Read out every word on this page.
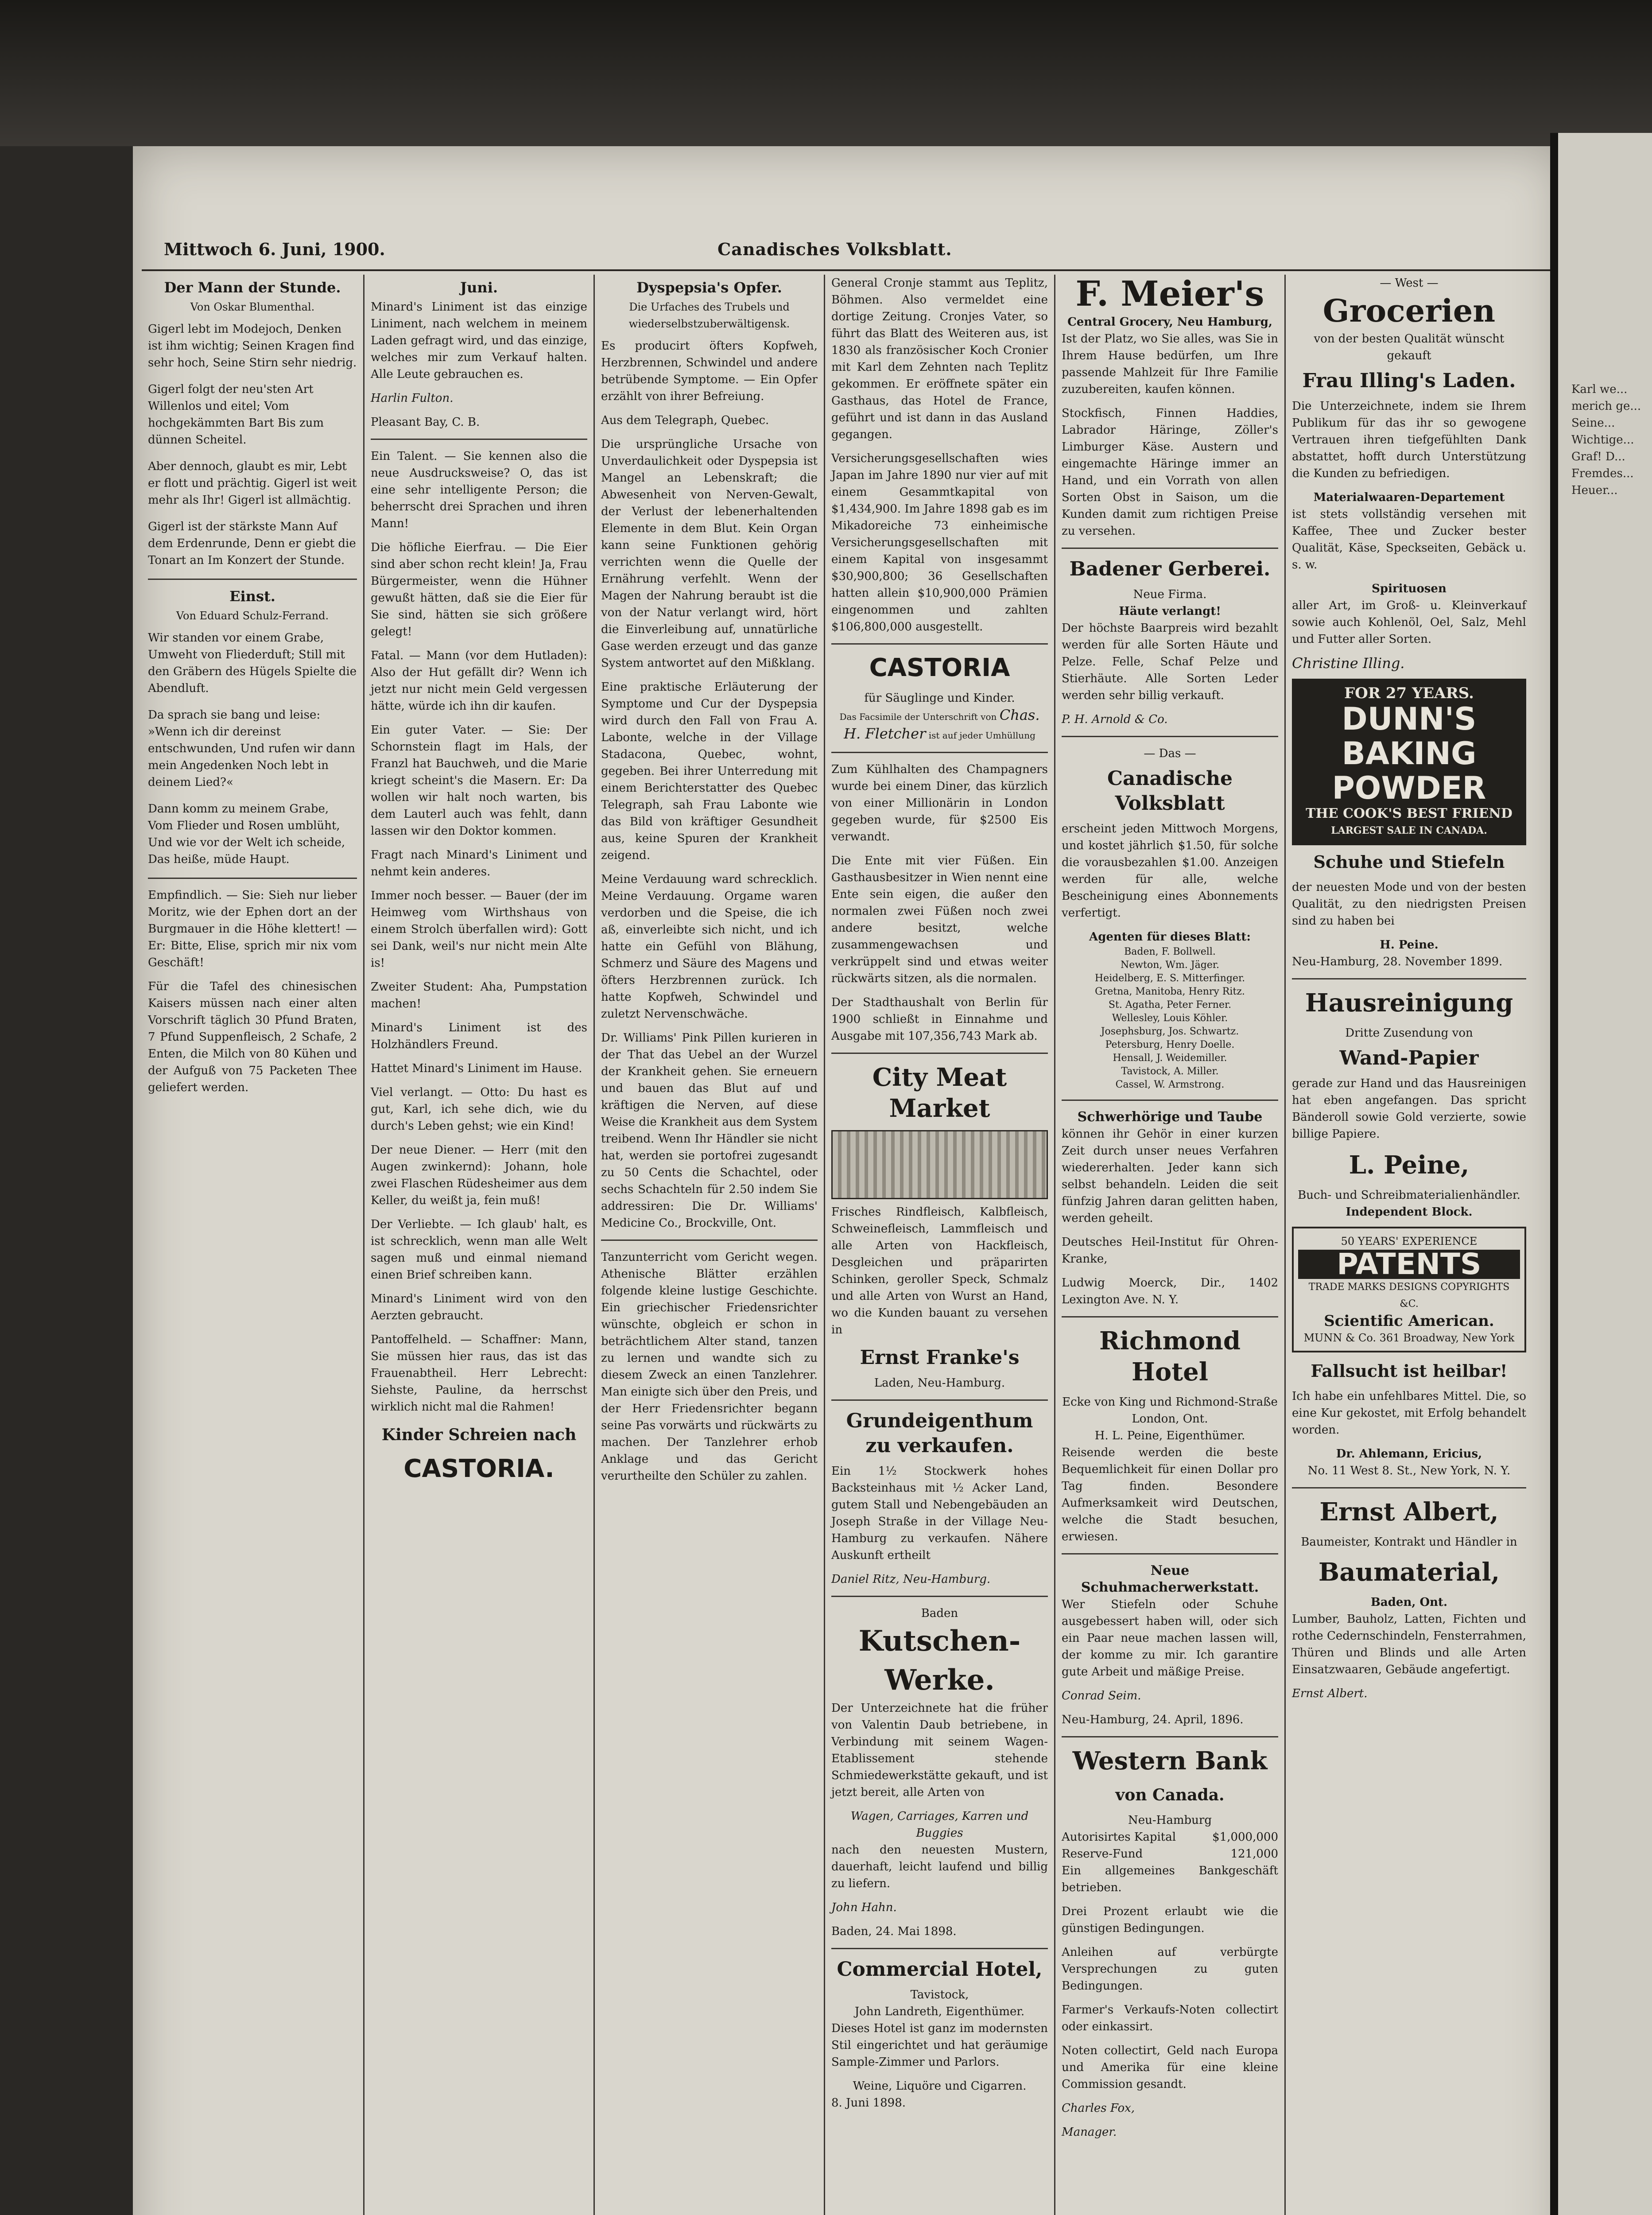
Mittwoch 6. Juni, 1900.	Canadisches Volksblatt.
Der Mann der Stunde.
Von Oskar Blumenthal.

Gigerl lebt im Modejoch, Denken ist ihm wichtig; Seinen Kragen find sehr hoch, Seine Stirn sehr niedrig.

Gigerl folgt der neu'sten Art Willenlos und eitel; Vom hochgekämmten Bart Bis zum dünnen Scheitel.

Aber dennoch, glaubt es mir, Lebt er flott und prächtig. Gigerl ist weit mehr als Ihr! Gigerl ist allmächtig.

Gigerl ist der stärkste Mann Auf dem Erdenrunde, Denn er giebt die Tonart an Im Konzert der Stunde.

Einst.
Von Eduard Schulz-Ferrand.

Wir standen vor einem Grabe, Umweht von Fliederduft; Still mit den Gräbern des Hügels Spielte die Abendluft.

Da sprach sie bang und leise: »Wenn ich dir dereinst entschwunden, Und rufen wir dann mein Angedenken Noch lebt in deinem Lied?«

Dann komm zu meinem Grabe, Vom Flieder und Rosen umblüht, Und wie vor der Welt ich scheide, Das heiße, müde Haupt.

Empfindlich. — Sie: Sieh nur lieber Moritz, wie der Ephen dort an der Burgmauer in die Höhe klettert! — Er: Bitte, Elise, sprich mir nix vom Geschäft!

Für die Tafel des chinesischen Kaisers müssen nach einer alten Vorschrift täglich 30 Pfund Braten, 7 Pfund Suppenfleisch, 2 Schafe, 2 Enten, die Milch von 80 Kühen und der Aufguß von 75 Packeten Thee geliefert werden.

Juni.

Minard's Liniment ist das einzige Liniment, nach welchem in meinem Laden gefragt wird, und das einzige, welches mir zum Verkauf halten. Alle Leute gebrauchen es.

Harlin Fulton.

Pleasant Bay, C. B.

Ein Talent. — Sie kennen also die neue Ausdrucksweise? O, das ist eine sehr intelligente Person; die beherrscht drei Sprachen und ihren Mann!

Die höfliche Eierfrau. — Die Eier sind aber schon recht klein! Ja, Frau Bürgermeister, wenn die Hühner gewußt hätten, daß sie die Eier für Sie sind, hätten sie sich größere gelegt!

Fatal. — Mann (vor dem Hutladen): Also der Hut gefällt dir? Wenn ich jetzt nur nicht mein Geld vergessen hätte, würde ich ihn dir kaufen.

Ein guter Vater. — Sie: Der Schornstein flagt im Hals, der Franzl hat Bauchweh, und die Marie kriegt scheint's die Masern. Er: Da wollen wir halt noch warten, bis dem Lauterl auch was fehlt, dann lassen wir den Doktor kommen.

Fragt nach Minard's Liniment und nehmt kein anderes.

Immer noch besser. — Bauer (der im Heimweg vom Wirthshaus von einem Strolch überfallen wird): Gott sei Dank, weil's nur nicht mein Alte is!

Zweiter Student: Aha, Pumpstation machen!

Minard's Liniment ist des Holzhändlers Freund.

Hattet Minard's Liniment im Hause.

Viel verlangt. — Otto: Du hast es gut, Karl, ich sehe dich, wie du durch's Leben gehst; wie ein Kind!

Der neue Diener. — Herr (mit den Augen zwinkernd): Johann, hole zwei Flaschen Rüdesheimer aus dem Keller, du weißt ja, fein muß!

Der Verliebte. — Ich glaub' halt, es ist schrecklich, wenn man alle Welt sagen muß und einmal niemand einen Brief schreiben kann.

Minard's Liniment wird von den Aerzten gebraucht.

Pantoffelheld. — Schaffner: Mann, Sie müssen hier raus, das ist das Frauenabtheil. Herr Lebrecht: Siehste, Pauline, da herrschst wirklich nicht mal die Rahmen!

Kinder Schreien nach
CASTORIA.
Dyspepsia's Opfer.
Die Urfaches des Trubels und wiederselbstzuberwältigensk.

Es producirt öfters Kopfweh, Herzbrennen, Schwindel und andere betrübende Symptome. — Ein Opfer erzählt von ihrer Befreiung.

Aus dem Telegraph, Quebec.

Die ursprüngliche Ursache von Unverdaulichkeit oder Dyspepsia ist Mangel an Lebenskraft; die Abwesenheit von Nerven-Gewalt, der Verlust der lebenerhaltenden Elemente in dem Blut. Kein Organ kann seine Funktionen gehörig verrichten wenn die Quelle der Ernährung verfehlt. Wenn der Magen der Nahrung beraubt ist die von der Natur verlangt wird, hört die Einverleibung auf, unnatürliche Gase werden erzeugt und das ganze System antwortet auf den Mißklang.

Eine praktische Erläuterung der Symptome und Cur der Dyspepsia wird durch den Fall von Frau A. Labonte, welche in der Village Stadacona, Quebec, wohnt, gegeben. Bei ihrer Unterredung mit einem Berichterstatter des Quebec Telegraph, sah Frau Labonte wie das Bild von kräftiger Gesundheit aus, keine Spuren der Krankheit zeigend.

Meine Verdauung ward schrecklich. Meine Verdauung. Orgame waren verdorben und die Speise, die ich aß, einverleibte sich nicht, und ich hatte ein Gefühl von Blähung, Schmerz und Säure des Magens und öfters Herzbrennen zurück. Ich hatte Kopfweh, Schwindel und zuletzt Nervenschwäche.

Dr. Williams' Pink Pillen kurieren in der That das Uebel an der Wurzel der Krankheit gehen. Sie erneuern und bauen das Blut auf und kräftigen die Nerven, auf diese Weise die Krankheit aus dem System treibend. Wenn Ihr Händler sie nicht hat, werden sie portofrei zugesandt zu 50 Cents die Schachtel, oder sechs Schachteln für 2.50 indem Sie addressiren: Die Dr. Williams' Medicine Co., Brockville, Ont.

Tanzunterricht vom Gericht wegen. Athenische Blätter erzählen folgende kleine lustige Geschichte. Ein griechischer Friedensrichter wünschte, obgleich er schon in beträchtlichem Alter stand, tanzen zu lernen und wandte sich zu diesem Zweck an einen Tanzlehrer. Man einigte sich über den Preis, und der Herr Friedensrichter begann seine Pas vorwärts und rückwärts zu machen. Der Tanzlehrer erhob Anklage und das Gericht verurtheilte den Schüler zu zahlen.

General Cronje stammt aus Teplitz, Böhmen. Also vermeldet eine dortige Zeitung. Cronjes Vater, so führt das Blatt des Weiteren aus, ist 1830 als französischer Koch Cronier mit Karl dem Zehnten nach Teplitz gekommen. Er eröffnete später ein Gasthaus, das Hotel de France, geführt und ist dann in das Ausland gegangen.

Versicherungsgesellschaften wies Japan im Jahre 1890 nur vier auf mit einem Gesammtkapital von $1,434,900. Im Jahre 1898 gab es im Mikadoreiche 73 einheimische Versicherungsgesellschaften mit einem Kapital von insgesammt $30,900,800; 36 Gesellschaften hatten allein $10,900,000 Prämien eingenommen und zahlten $106,800,000 ausgestellt.

CASTORIA
für Säuglinge und Kinder.
Das Facsimile der Unterschrift von Chas. H. Fletcher ist auf jeder Umhüllung

Zum Kühlhalten des Champagners wurde bei einem Diner, das kürzlich von einer Millionärin in London gegeben wurde, für $2500 Eis verwandt.

Die Ente mit vier Füßen. Ein Gasthausbesitzer in Wien nennt eine Ente sein eigen, die außer den normalen zwei Füßen noch zwei andere besitzt, welche zusammengewachsen und verkrüppelt sind und etwas weiter rückwärts sitzen, als die normalen.

Der Stadthaushalt von Berlin für 1900 schließt in Einnahme und Ausgabe mit 107,356,743 Mark ab.

City Meat Market

Frisches Rindfleisch, Kalbfleisch, Schweinefleisch, Lammfleisch und alle Arten von Hackfleisch, Desgleichen und präparirten Schinken, geroller Speck, Schmalz und alle Arten von Wurst an Hand, wo die Kunden bauant zu versehen in

Ernst Franke's
Laden, Neu-Hamburg.
Grundeigenthum zu verkaufen.

Ein 1½ Stockwerk hohes Backsteinhaus mit ½ Acker Land, gutem Stall und Nebengebäuden an Joseph Straße in der Village Neu-Hamburg zu verkaufen. Nähere Auskunft ertheilt

Daniel Ritz, Neu-Hamburg.

Baden
Kutschen-Werke.

Der Unterzeichnete hat die früher von Valentin Daub betriebene, in Verbindung mit seinem Wagen-Etablissement stehende Schmiedewerkstätte gekauft, und ist jetzt bereit, alle Arten von

Wagen, Carriages, Karren und Buggies

nach den neuesten Mustern, dauerhaft, leicht laufend und billig zu liefern.

John Hahn.

Baden, 24. Mai 1898.

Commercial Hotel,
Tavistock,
John Landreth, Eigenthümer.

Dieses Hotel ist ganz im modernsten Stil eingerichtet und hat geräumige Sample-Zimmer und Parlors.

Weine, Liquöre und Cigarren.

8. Juni 1898.

F. Meier's
Central Grocery, Neu Hamburg,

Ist der Platz, wo Sie alles, was Sie in Ihrem Hause bedürfen, um Ihre passende Mahlzeit für Ihre Familie zuzubereiten, kaufen können.

Stockfisch, Finnen Haddies, Labrador Häringe, Zöller's Limburger Käse. Austern und eingemachte Häringe immer an Hand, und ein Vorrath von allen Sorten Obst in Saison, um die Kunden damit zum richtigen Preise zu versehen.

Badener Gerberei.
Neue Firma.
Häute verlangt!

Der höchste Baarpreis wird bezahlt werden für alle Sorten Häute und Pelze. Felle, Schaf Pelze und Stierhäute. Alle Sorten Leder werden sehr billig verkauft.

P. H. Arnold & Co.

— Das —
Canadische Volksblatt

erscheint jeden Mittwoch Morgens, und kostet jährlich $1.50, für solche die vorausbezahlen $1.00. Anzeigen werden für alle, welche Bescheinigung eines Abonnements verfertigt.

Agenten für dieses Blatt:
Baden, F. Bollwell.
Newton, Wm. Jäger.
Heidelberg, E. S. Mitterfinger.
Gretna, Manitoba, Henry Ritz.
St. Agatha, Peter Ferner.
Wellesley, Louis Köhler.
Josephsburg, Jos. Schwartz.
Petersburg, Henry Doelle.
Hensall, J. Weidemiller.
Tavistock, A. Miller.
Cassel, W. Armstrong.
Schwerhörige und Taube

können ihr Gehör in einer kurzen Zeit durch unser neues Verfahren wiedererhalten. Jeder kann sich selbst behandeln. Leiden die seit fünfzig Jahren daran gelitten haben, werden geheilt.

Deutsches Heil-Institut für Ohren-Kranke,

Ludwig Moerck, Dir., 1402 Lexington Ave. N. Y.

Richmond Hotel
Ecke von King und Richmond-Straße London, Ont.
H. L. Peine, Eigenthümer.

Reisende werden die beste Bequemlichkeit für einen Dollar pro Tag finden. Besondere Aufmerksamkeit wird Deutschen, welche die Stadt besuchen, erwiesen.

Neue Schuhmacherwerkstatt.

Wer Stiefeln oder Schuhe ausgebessert haben will, oder sich ein Paar neue machen lassen will, der komme zu mir. Ich garantire gute Arbeit und mäßige Preise.

Conrad Seim.

Neu-Hamburg, 24. April, 1896.

Western Bank
von Canada.
Neu-Hamburg
Autorisirtes Kapital	$1,000,000
Reserve-Fund	121,000

Ein allgemeines Bankgeschäft betrieben.

Drei Prozent erlaubt wie die günstigen Bedingungen.

Anleihen auf verbürgte Versprechungen zu guten Bedingungen.

Farmer's Verkaufs-Noten collectirt oder einkassirt.

Noten collectirt, Geld nach Europa und Amerika für eine kleine Commission gesandt.

Charles Fox,

Manager.

— West —
Grocerien
von der besten Qualität wünscht gekauft
Frau Illing's Laden.

Die Unterzeichnete, indem sie Ihrem Publikum für das ihr so gewogene Vertrauen ihren tiefgefühlten Dank abstattet, hofft durch Unterstützung die Kunden zu befriedigen.

Materialwaaren-Departement

ist stets vollständig versehen mit Kaffee, Thee und Zucker bester Qualität, Käse, Speckseiten, Gebäck u. s. w.

Spirituosen

aller Art, im Groß- u. Kleinverkauf sowie auch Kohlenöl, Oel, Salz, Mehl und Futter aller Sorten.

Christine Illing.

FOR 27 YEARS.
DUNN'S
BAKING
POWDER
THE COOK'S BEST FRIEND
LARGEST SALE IN CANADA.
Schuhe und Stiefeln

der neuesten Mode und von der besten Qualität, zu den niedrigsten Preisen sind zu haben bei

H. Peine.

Neu-Hamburg, 28. November 1899.

Hausreinigung
Dritte Zusendung von
Wand-Papier

gerade zur Hand und das Hausreinigen hat eben angefangen. Das spricht Bänderoll sowie Gold verzierte, sowie billige Papiere.

L. Peine,
Buch- und Schreibmaterialienhändler.
Independent Block.
50 YEARS' EXPERIENCE
PATENTS
TRADE MARKS DESIGNS COPYRIGHTS &C.
Scientific American.
MUNN & Co. 361 Broadway, New York
Fallsucht ist heilbar!

Ich habe ein unfehlbares Mittel. Die, so eine Kur gekostet, mit Erfolg behandelt worden.

Dr. Ahlemann, Ericius,
No. 11 West 8. St., New York, N. Y.
Ernst Albert,
Baumeister, Kontrakt und Händler in
Baumaterial,
Baden, Ont.

Lumber, Bauholz, Latten, Fichten und rothe Cedernschindeln, Fensterrahmen, Thüren und Blinds und alle Arten Einsatzwaaren, Gebäude angefertigt.

Ernst Albert.

Karl we... merich ge... Seine... Wichtige... Graf! D... Fremdes... Heuer...
